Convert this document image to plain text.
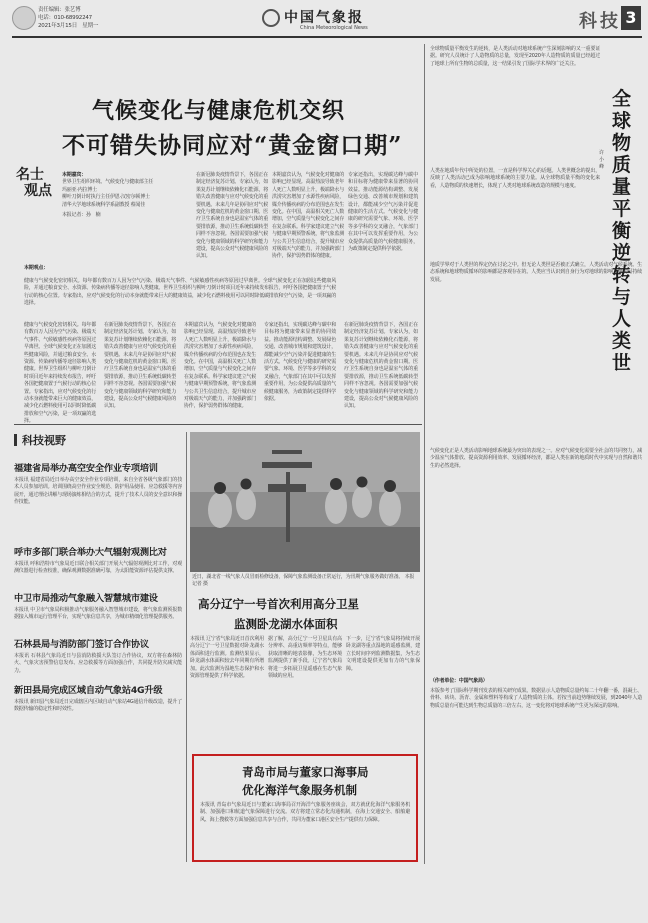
责任编辑：张艺博
电话：010-68992247
2021年3月15日　星期一	中国气象报
China Meteorological News	科技 3
气候变化与健康危机交织
不可错失协同应对“黄金窗口期”
名士
观点
本期嘉宾：
世界卫生组织环境、气候变化与健康部主任
玛丽亚·内拉博士
柳叶刀倒计时执行主任伊恩·汉密尔顿博士
清华大学地球系统科学系副教授 蔡闻佳
本报记者：孙　楠
本期观点：
健康与气候变化密切相关。每年都有数百万人因为空气污染、极端天气事件、气候敏感性疾病等原因过早离世。全球气候变化正在加剧这些健康风险，并通过粮食安全、水资源、传染病传播等途径影响人类健康。世界卫生组织与柳叶刀倒计时项目近年来持续发布报告，呼吁各国把健康置于气候行动的核心位置。专家指出，应对气候变化的行动本身就能带来巨大的健康效益，减少化石燃料使用可以同时降低碳排放和空气污染，是一项双赢的选择。
在新冠肺炎疫情背景下，各国正在制定经济复苏计划。专家认为，如果复苏计划继续依赖化石能源，将错失改善健康与应对气候变化的重要机遇。未来几年是协同应对气候变化与健康危机的黄金窗口期。医疗卫生系统自身也是温室气体的重要排放源，推动卫生系统低碳转型同样不容忽视。各国需要加强气候变化与健康领域的科学研究和能力建设，提高公众对气候健康风险的认知。
本期嘉宾认为，气候变化对健康的影响已经显现。高温热浪导致老年人死亡人数明显上升，极端降水与洪涝灾害增加了水源性疾病风险，媒介传播疾病的分布范围也在发生变化。在中国，高温相关死亡人数增加，空气质量与气候变化之间存在复杂联系。科学家建议建立气候与健康早期预警系统，将气象监测与公共卫生信息结合，提升城市应对极端天气的能力，并加强跨部门协作，保护弱势群体的健康。
专家还指出，实现碳达峰与碳中和目标将为健康带来显著的协同效益。推动能源结构调整、发展绿色交通、改善城市规划和建筑设计，都能减少空气污染并促进健康的生活方式。气候变化与健康的研究需要气象、环境、医学等多学科的交叉融合，气象部门在其中可以发挥重要作用，为公众提供高质量的气候健康服务，为政策制定提供科学依据。
健康与气候变化密切相关。每年都有数百万人因为空气污染、极端天气事件、气候敏感性疾病等原因过早离世。全球气候变化正在加剧这些健康风险，并通过粮食安全、水资源、传染病传播等途径影响人类健康。世界卫生组织与柳叶刀倒计时项目近年来持续发布报告，呼吁各国把健康置于气候行动的核心位置。专家指出，应对气候变化的行动本身就能带来巨大的健康效益，减少化石燃料使用可以同时降低碳排放和空气污染，是一项双赢的选择。
在新冠肺炎疫情背景下，各国正在制定经济复苏计划。专家认为，如果复苏计划继续依赖化石能源，将错失改善健康与应对气候变化的重要机遇。未来几年是协同应对气候变化与健康危机的黄金窗口期。医疗卫生系统自身也是温室气体的重要排放源，推动卫生系统低碳转型同样不容忽视。各国需要加强气候变化与健康领域的科学研究和能力建设，提高公众对气候健康风险的认知。
本期嘉宾认为，气候变化对健康的影响已经显现。高温热浪导致老年人死亡人数明显上升，极端降水与洪涝灾害增加了水源性疾病风险，媒介传播疾病的分布范围也在发生变化。在中国，高温相关死亡人数增加，空气质量与气候变化之间存在复杂联系。科学家建议建立气候与健康早期预警系统，将气象监测与公共卫生信息结合，提升城市应对极端天气的能力，并加强跨部门协作，保护弱势群体的健康。
专家还指出，实现碳达峰与碳中和目标将为健康带来显著的协同效益。推动能源结构调整、发展绿色交通、改善城市规划和建筑设计，都能减少空气污染并促进健康的生活方式。气候变化与健康的研究需要气象、环境、医学等多学科的交叉融合，气象部门在其中可以发挥重要作用，为公众提供高质量的气候健康服务，为政策制定提供科学依据。
在新冠肺炎疫情背景下，各国正在制定经济复苏计划。专家认为，如果复苏计划继续依赖化石能源，将错失改善健康与应对气候变化的重要机遇。未来几年是协同应对气候变化与健康危机的黄金窗口期。医疗卫生系统自身也是温室气体的重要排放源，推动卫生系统低碳转型同样不容忽视。各国需要加强气候变化与健康领域的科学研究和能力建设，提高公众对气候健康风险的认知。
全球物质量平衡逆转与人类世
许小峰
全球物质量平衡发生的逆转，是人类活动对地球系统产生深刻影响的又一重要证据。研究人员统计了人造物质的总量，发现至2020年人造物质的质量已经超过了地球上所有生物的总质量，这一结果引发了国际学术界的广泛关注。
人类在地质年代中所处的位置，一直是科学界关心的话题。人类世概念的提出，反映了人类活动已成为影响地球系统的主要力量。从全球物质量平衡的变化来看，人造物质的快速增长，体现了人类对地球系统改造的规模与速度。
地质学界对于人类世的界定仍在讨论之中。但无论人类世是否被正式确立，人类活动对气候系统、生态系统和地球物质循环的影响都是客观存在的。人类应当认识到自身行为对地球的影响，推动可持续发展。
气候变化正是人类活动影响地球系统最为突出的表现之一。应对气候变化需要全社会的共同努力，减少温室气体排放、提高资源利用效率、发展循环经济，都是人类在新的地质时代中实现与自然和谐共生的必然选择。
（作者单位：中国气象局）
本版参考了国际科学期刊发表的相关研究成果。数据显示人造物质总量约每二十年翻一番，混凝土、骨料、砖块、沥青、金属和塑料等构成了人造物质的主体。若按当前趋势继续发展，到2040年人造物质总量有可能达到生物总质量的三倍左右，这一变化将对地球系统产生更为深远的影响。
科技视野
福建省局举办高空安全作业专项培训
本报讯 福建省局近日举办高空安全作业专项培训，来自全省各级气象部门的技术人员参加培训。培训围绕高空作业安全规范、防护用品使用、应急救援等内容展开，通过理论讲解与现场演练相结合的方式，提升了技术人员的安全意识和操作技能。
呼市多部门联合举办大气辐射观测比对
本报讯 呼和浩特市气象局近日联合相关部门开展大气辐射观测比对工作，对观测仪器进行检查校准，确保观测数据准确可靠，为太阳能资源评估提供支撑。
中卫市局推动气象融入智慧城市建设
本报讯 中卫市气象局积极推动气象服务融入智慧城市建设，将气象监测预报数据接入城市运行管理平台，实现气象信息共享，为城市精细化管理提供服务。
石林县局与消防部门签订合作协议
本报讯 石林县气象局近日与县消防救援大队签订合作协议，双方将在森林防火、气象灾害预警信息发布、应急救援等方面加强合作，共同提升防灾减灾能力。
新田县局完成区域自动气象站4G升级
本报讯 新田县气象局近日完成辖区内区域自动气象站4G通信升级改造，提升了数据传输的稳定性和时效性。
近日，湖北省一线气象人员冒雨检修设备，保障气象监测设备正常运行，为汛期气象服务做好准备。 本报记者 摄
高分辽宁一号首次利用高分卫星
监测卧龙湖水体面积
本报讯 辽宁省气象局近日首次利用高分辽宁一号卫星数据对卧龙湖水体面积进行监测。监测结果显示，卧龙湖水体面积较去年同期有所增加。此次监测为湿地生态保护和水资源管理提供了科学依据。
据了解，高分辽宁一号卫星具有高分辨率、高重访频率等特点，能够获取清晰的地表影像，为生态环境监测提供了新手段。辽宁省气象局将进一步拓展卫星遥感在生态气象领域的应用。
下一步，辽宁省气象局将持续开展卧龙湖等重点湿地的遥感监测，建立长时间序列监测数据集，为生态文明建设提供更加有力的气象保障。
青岛市局与董家口海事局
优化海洋气象服务机制
本报讯 青岛市气象局近日与董家口海事局召开海洋气象服务座谈会，双方就优化海洋气象服务机制、加强港口和航道气象保障进行交流。双方将建立常态化沟通机制，在海上交通安全、船舶避风、海上搜救等方面加强信息共享与合作，共同为董家口港区安全生产提供有力保障。
